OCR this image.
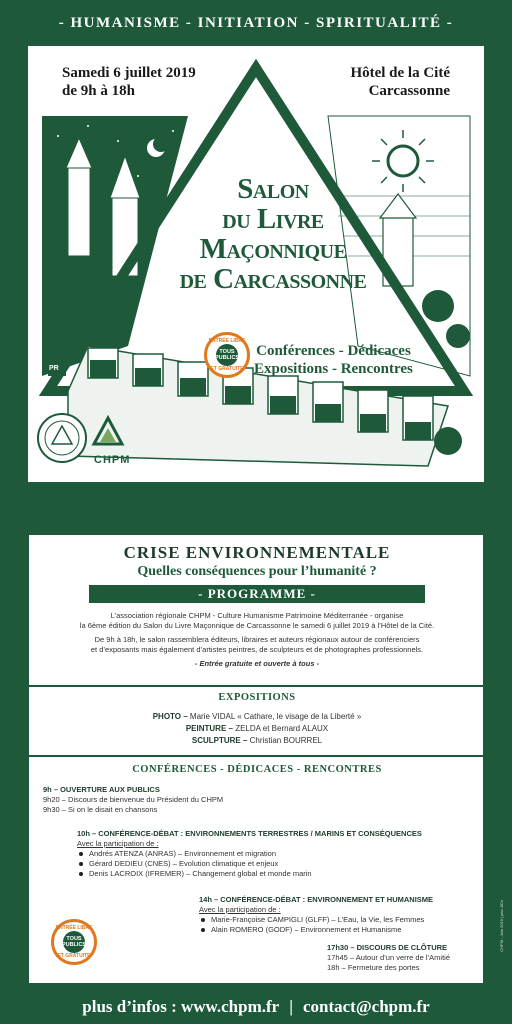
- HUMANISME - INITIATION - SPIRITUALITÉ -
Samedi 6 juillet 2019
de 9h à 18h
Hôtel de la Cité
Carcassonne
Salon
du Livre
Maçonnique
de Carcassonne
ENTRÉE LIBRE
TOUS PUBLICS
ET GRATUITE
Conférences - Dédicaces
Expositions - Rencontres
CHPM
PR
CRISE ENVIRONNEMENTALE
Quelles conséquences pour l’humanité ?
- PROGRAMME -

L’association régionale CHPM - Culture Humanisme Patrimoine Méditerranée - organise
la 6ème édition du Salon du Livre Maçonnique de Carcassonne le samedi 6 juillet 2019 à l’Hôtel de la Cité.

De 9h à 18h, le salon rassemblera éditeurs, libraires et auteurs régionaux autour de conférenciers
et d’exposants mais également d’artistes peintres, de sculpteurs et de photographes professionnels.

- Entrée gratuite et ouverte à tous -

EXPOSITIONS
PHOTO – Marie VIDAL « Cathare, le visage de la Liberté »
PEINTURE – ZELDA et Bernard ALAUX
SCULPTURE – Christian BOURREL
CONFÉRENCES - DÉDICACES - RENCONTRES
9h – OUVERTURE AUX PUBLICS
9h20 – Discours de bienvenue du Président du CHPM
9h30 – Si on le disait en chansons
10h – CONFÉRENCE-DÉBAT : ENVIRONNEMENTS TERRESTRES / MARINS ET CONSÉQUENCES
Avec la participation de :
Andrés ATENZA (ANRAS) – Environnement et migration
Gérard DEDIEU (CNES) – Evolution climatique et enjeux
Denis LACROIX (IFREMER) – Changement global et monde marin
14h – CONFÉRENCE-DÉBAT : ENVIRONNEMENT ET HUMANISME
Avec la participation de :
Marie-Françoise CAMPIGLI (GLFF) – L’Eau, la Vie, les Femmes
Alain ROMERO (GODF) – Environnement et Humanisme
17h30 – DISCOURS DE CLÔTURE
17h45 – Autour d’un verre de l’Amitié
18h – Fermeture des portes
ENTRÉE LIBRE
TOUS PUBLICS
ET GRATUITE
CHPM - Juin 2019 | pao JlCo
plus d’infos : www.chpm.fr | contact@chpm.fr
